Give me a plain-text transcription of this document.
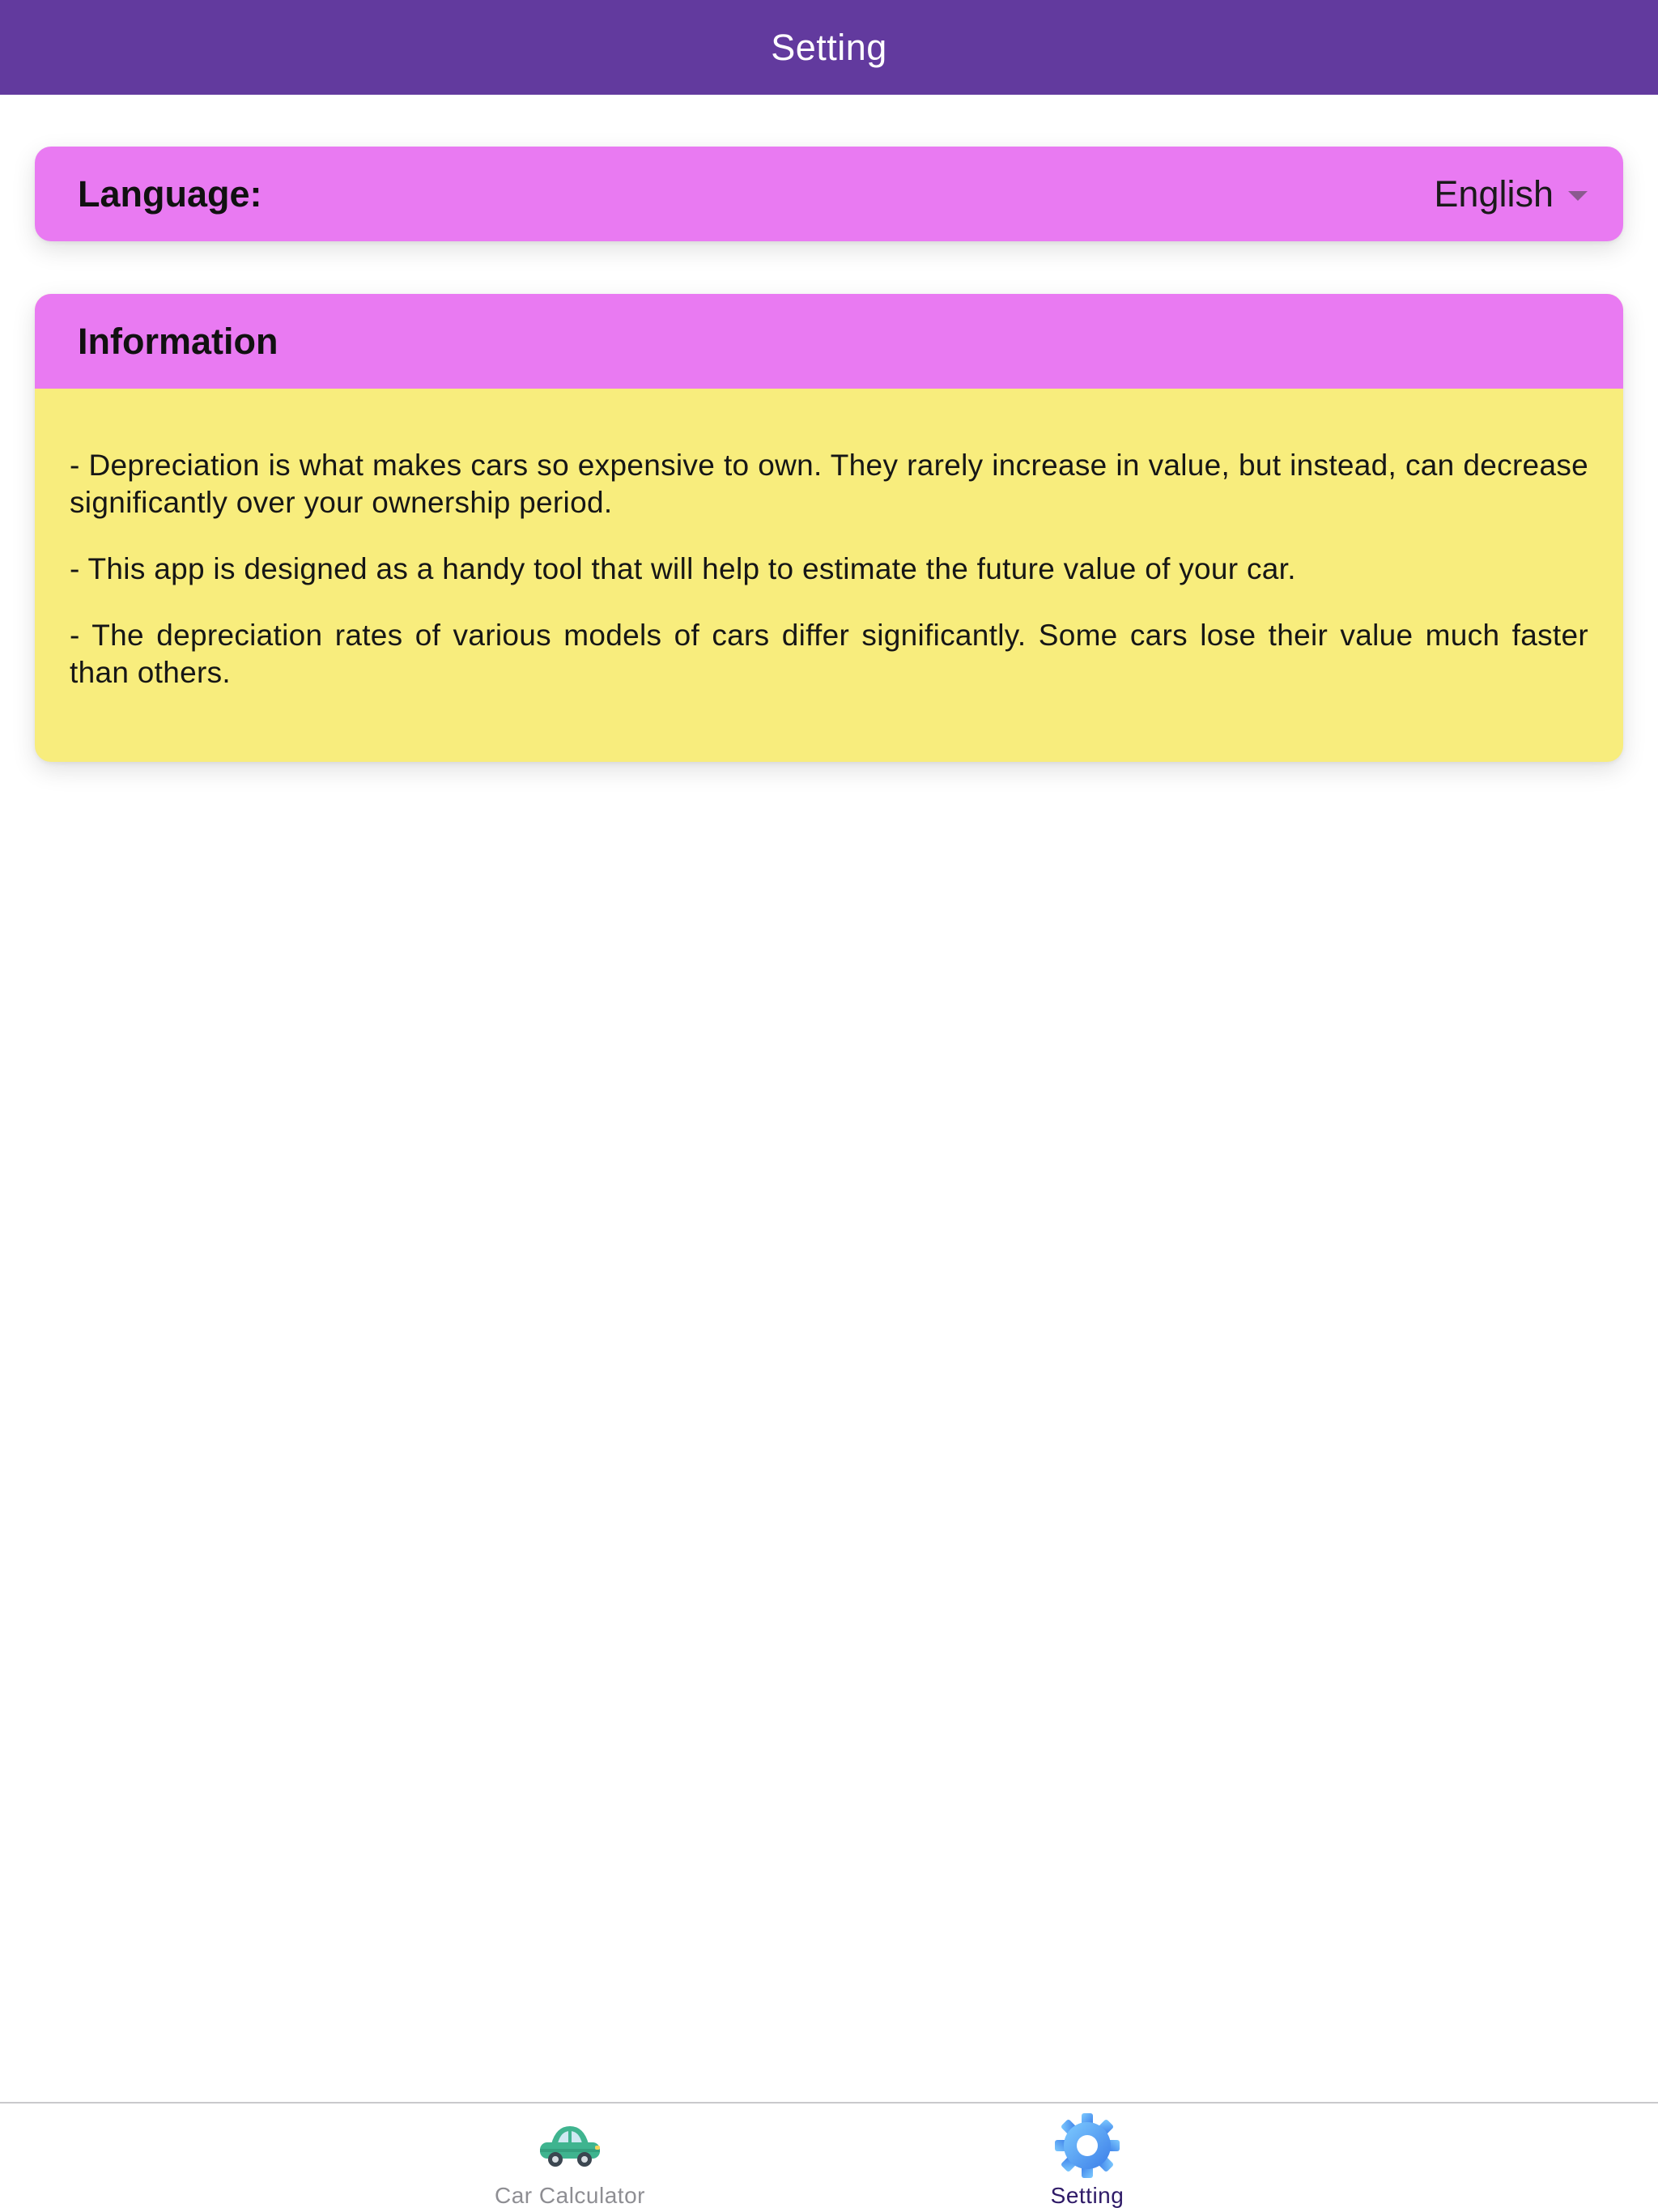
Setting
Language:	English
Information

- Depreciation is what makes cars so expensive to own. They rarely increase in value, but instead, can decrease significantly over your ownership period.

- This app is designed as a handy tool that will help to estimate the future value of your car.

- The depreciation rates of various models of cars differ significantly. Some cars lose their value much faster than others.

Car Calculator	Setting
